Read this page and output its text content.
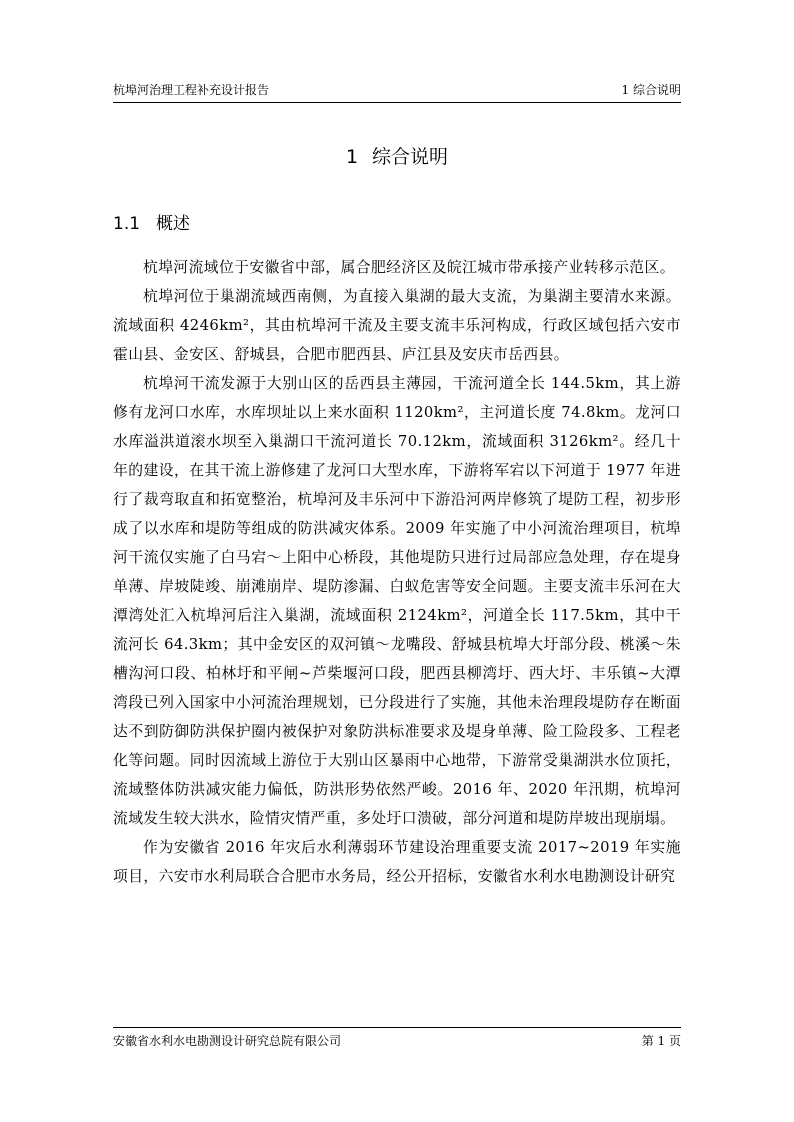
杭埠河治理工程补充设计报告	1 综合说明
1 综合说明
1.1 概述

杭埠河流域位于安徽省中部，属合肥经济区及皖江城市带承接产业转移示范区。

杭埠河位于巢湖流域西南侧，为直接入巢湖的最大支流，为巢湖主要清水来源。流域面积 4246km²，其由杭埠河干流及主要支流丰乐河构成，行政区域包括六安市霍山县、金安区、舒城县，合肥市肥西县、庐江县及安庆市岳西县。

杭埠河干流发源于大别山区的岳西县主薄园，干流河道全长 144.5km，其上游修有龙河口水库，水库坝址以上来水面积 1120km²，主河道长度 74.8km。龙河口水库溢洪道滚水坝至入巢湖口干流河道长 70.12km，流域面积 3126km²。经几十年的建设，在其干流上游修建了龙河口大型水库，下游将军宕以下河道于 1977 年进行了裁弯取直和拓宽整治，杭埠河及丰乐河中下游沿河两岸修筑了堤防工程，初步形成了以水库和堤防等组成的防洪减灾体系。2009 年实施了中小河流治理项目，杭埠河干流仅实施了白马宕～上阳中心桥段，其他堤防只进行过局部应急处理，存在堤身单薄、岸坡陡竣、崩滩崩岸、堤防渗漏、白蚁危害等安全问题。主要支流丰乐河在大潭湾处汇入杭埠河后注入巢湖，流域面积 2124km²，河道全长 117.5km，其中干流河长 64.3km；其中金安区的双河镇～龙嘴段、舒城县杭埠大圩部分段、桃溪～朱槽沟河口段、柏林圩和平闸~芦柴堰河口段，肥西县柳湾圩、西大圩、丰乐镇~大潭湾段已列入国家中小河流治理规划，已分段进行了实施，其他未治理段堤防存在断面达不到防御防洪保护圈内被保护对象防洪标准要求及堤身单薄、险工险段多、工程老化等问题。同时因流域上游位于大别山区暴雨中心地带，下游常受巢湖洪水位顶托，流域整体防洪减灾能力偏低，防洪形势依然严峻。2016 年、2020 年汛期，杭埠河流域发生较大洪水，险情灾情严重，多处圩口溃破，部分河道和堤防岸坡出现崩塌。

作为安徽省 2016 年灾后水利薄弱环节建设治理重要支流 2017~2019 年实施项目，六安市水利局联合合肥市水务局，经公开招标，安徽省水利水电勘测设计研究

安徽省水利水电勘测设计研究总院有限公司	第 1 页
